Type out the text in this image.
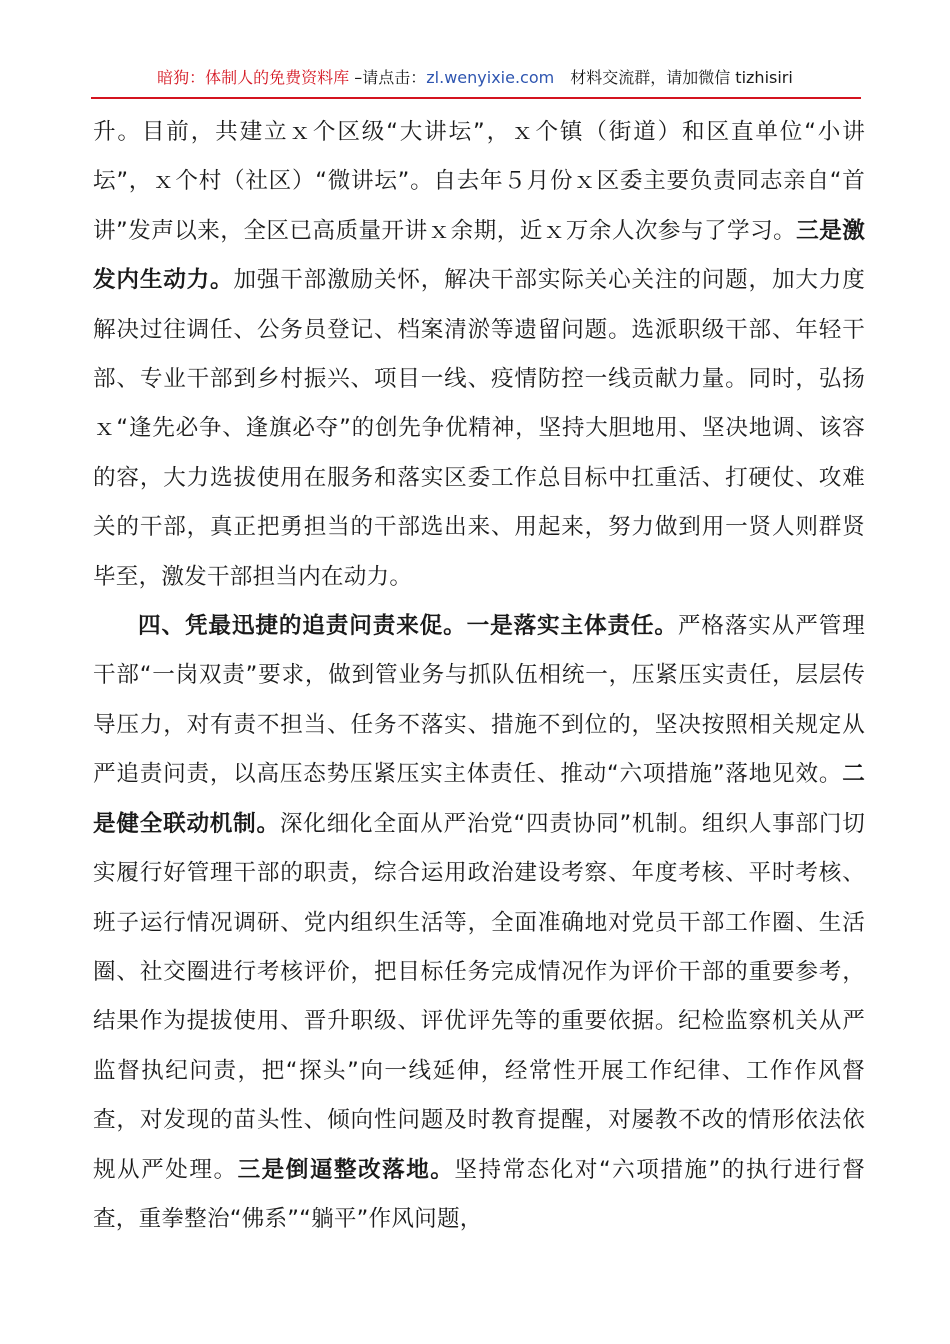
暗狗：体制人的免费资料库 –请点击：zl.wenyixie.com 材料交流群，请加微信 tizhisiri

升。目前，共建立ｘ个区级“大讲坛”，ｘ个镇（街道）和区直单位“小讲坛”，ｘ个村（社区）“微讲坛”。自去年５月份ｘ区委主要负责同志亲自“首讲”发声以来，全区已高质量开讲ｘ余期，近ｘ万余人次参与了学习。三是激发内生动力。加强干部激励关怀，解决干部实际关心关注的问题，加大力度解决过往调任、公务员登记、档案清淤等遗留问题。选派职级干部、年轻干部、专业干部到乡村振兴、项目一线、疫情防控一线贡献力量。同时，弘扬ｘ“逢先必争、逢旗必夺”的创先争优精神，坚持大胆地用、坚决地调、该容的容，大力选拔使用在服务和落实区委工作总目标中扛重活、打硬仗、攻难关的干部，真正把勇担当的干部选出来、用起来，努力做到用一贤人则群贤毕至，激发干部担当内在动力。

四、凭最迅捷的追责问责来促。一是落实主体责任。严格落实从严管理干部“一岗双责”要求，做到管业务与抓队伍相统一，压紧压实责任，层层传导压力，对有责不担当、任务不落实、措施不到位的，坚决按照相关规定从严追责问责，以高压态势压紧压实主体责任、推动“六项措施”落地见效。二是健全联动机制。深化细化全面从严治党“四责协同”机制。组织人事部门切实履行好管理干部的职责，综合运用政治建设考察、年度考核、平时考核、班子运行情况调研、党内组织生活等，全面准确地对党员干部工作圈、生活圈、社交圈进行考核评价，把目标任务完成情况作为评价干部的重要参考，结果作为提拔使用、晋升职级、评优评先等的重要依据。纪检监察机关从严监督执纪问责，把“探头”向一线延伸，经常性开展工作纪律、工作作风督查，对发现的苗头性、倾向性问题及时教育提醒，对屡教不改的情形依法依规从严处理。三是倒逼整改落地。坚持常态化对“六项措施”的执行进行督查，重拳整治“佛系”“躺平”作风问题，
